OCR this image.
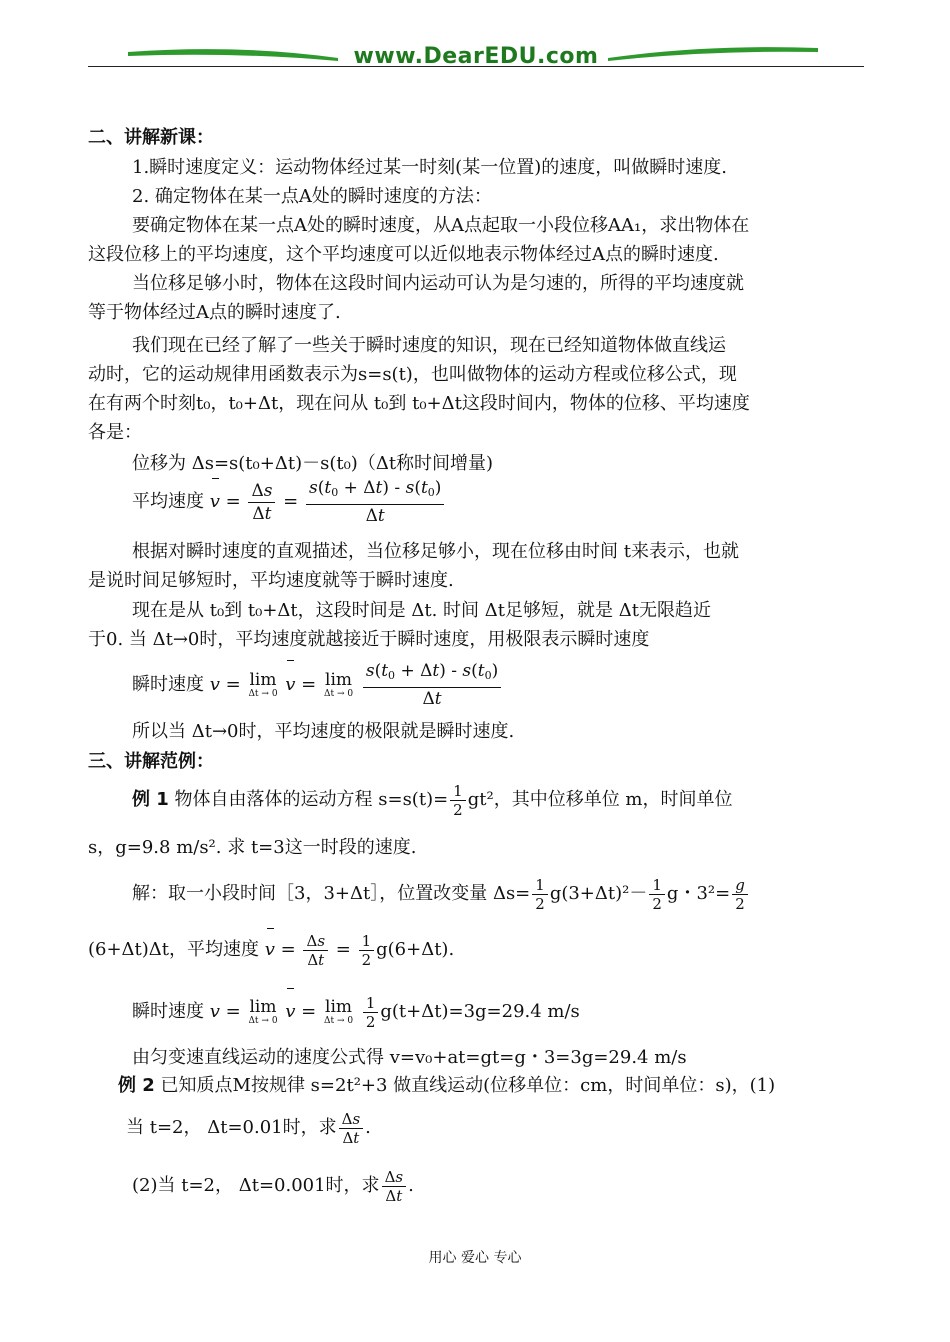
www.DearEDU.com
二、讲解新课：
1.瞬时速度定义：运动物体经过某一时刻(某一位置)的速度，叫做瞬时速度.
2. 确定物体在某一点A处的瞬时速度的方法：
要确定物体在某一点A处的瞬时速度，从A点起取一小段位移AA₁，求出物体在
这段位移上的平均速度，这个平均速度可以近似地表示物体经过A点的瞬时速度.
当位移足够小时，物体在这段时间内运动可认为是匀速的，所得的平均速度就
等于物体经过A点的瞬时速度了.
我们现在已经了解了一些关于瞬时速度的知识，现在已经知道物体做直线运
动时，它的运动规律用函数表示为s=s(t)，也叫做物体的运动方程或位移公式，现
在有两个时刻t₀，t₀+Δt，现在问从 t₀到 t₀+Δt这段时间内，物体的位移、平均速度
各是：
位移为 Δs=s(t₀+Δt)－s(t₀)（Δt称时间增量)
平均速度 $v = \frac{\Delta s}{\Delta t} = \frac{s(t_0 + \Delta t) - s(t_0)}{\Delta t}$
根据对瞬时速度的直观描述，当位移足够小，现在位移由时间 t来表示，也就
是说时间足够短时，平均速度就等于瞬时速度.
现在是从 t₀到 t₀+Δt，这段时间是 Δt. 时间 Δt足够短，就是 Δt无限趋近
于0. 当 Δt→0时，平均速度就越接近于瞬时速度，用极限表示瞬时速度
瞬时速度 v = lim
Δt → 0 v = lim
Δt → 0
$\frac{s(t_0 + \Delta t) - s(t_0)}{\Delta t}$
所以当 Δt→0时，平均速度的极限就是瞬时速度.
三、讲解范例：
例 1 物体自由落体的运动方程 $s=s(t)= \frac{1}{2} gt^2$，其中位移单位 m，时间单位
s，g=9.8 m/s². 求 t=3这一时段的速度.
解：取一小段时间［3，3+Δt］，位置改变量 $\Delta s= \frac{1}{2} g(3+\Delta t)^2- \frac{1}{2}$ g・$3^2= \frac{g}{2}$
(6+Δt)Δt，平均速度 $v = \frac{\Delta s}{\Delta t} = \frac{1}{2} g(6+\Delta t)$.
瞬时速度 v = lim
Δt → 0 v = lim
Δt → 0
$\frac{1}{2} g(t+\Delta t)=3g=29.4$ m/s
由匀变速直线运动的速度公式得 v=v₀+at=gt=g・3=3g=29.4 m/s
例 2 已知质点M按规律 s=2t²+3 做直线运动(位移单位：cm，时间单位：s)，(1)
当 t=2， Δt=0.01时，求 $\frac{\Delta s}{\Delta t}$ .
(2)当 t=2， Δt=0.001时，求 $\frac{\Delta s}{\Delta t}$ .
用心 爱心 专心
